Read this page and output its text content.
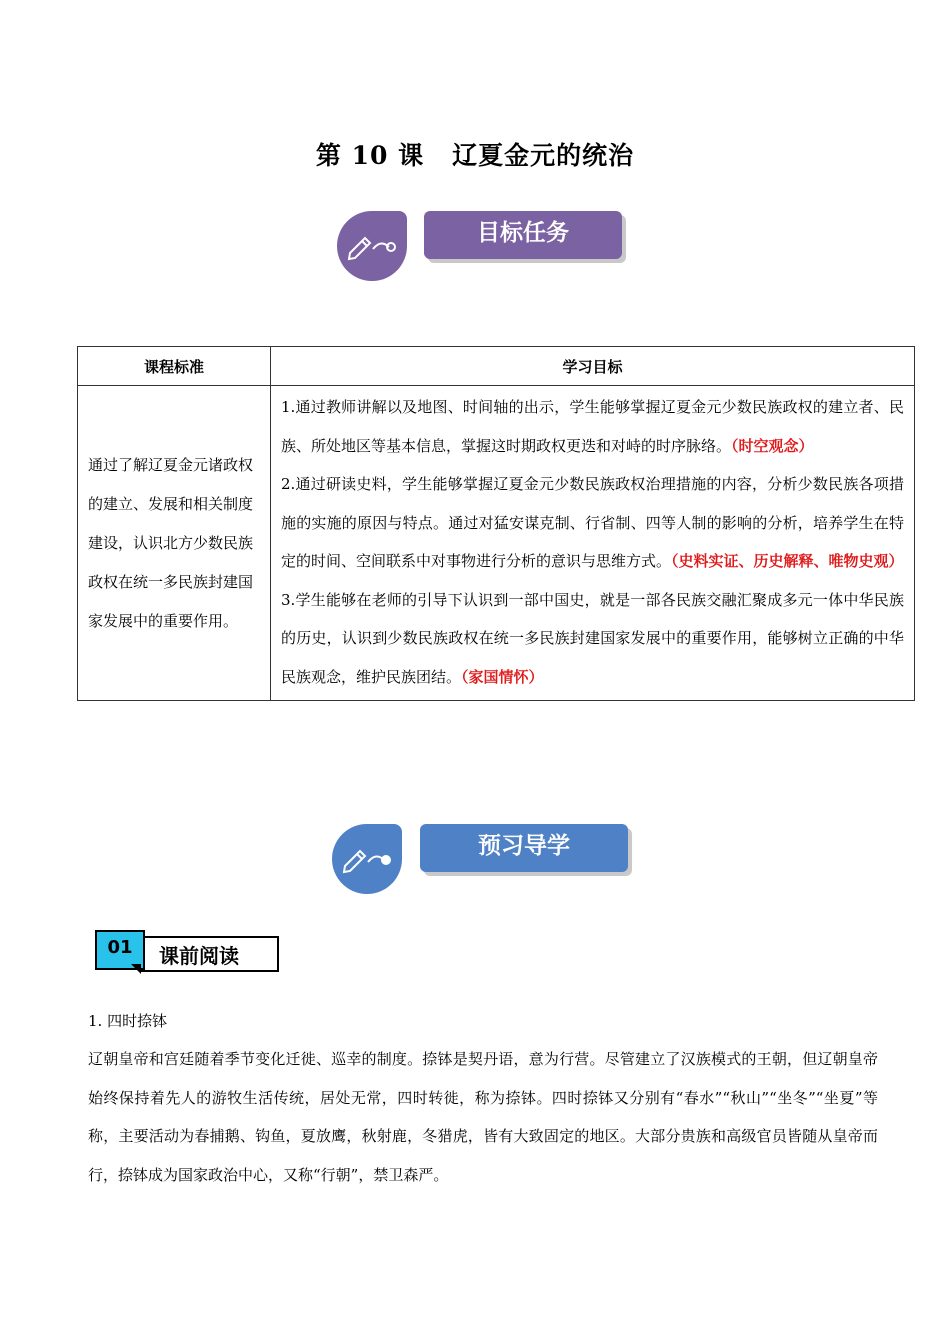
第 10 课 辽夏金元的统治
目标任务
课程标准	学习目标
通过了解辽夏金元诸政权的建立、发展和相关制度建设，认识北方少数民族政权在统一多民族封建国家发展中的重要作用。	1.通过教师讲解以及地图、时间轴的出示，学生能够掌握辽夏金元少数民族政权的建立者、民族、所处地区等基本信息，掌握这时期政权更迭和对峙的时序脉络。（时空观念）
2.通过研读史料，学生能够掌握辽夏金元少数民族政权治理措施的内容，分析少数民族各项措施的实施的原因与特点。通过对猛安谋克制、行省制、四等人制的影响的分析，培养学生在特定的时间、空间联系中对事物进行分析的意识与思维方式。（史料实证、历史解释、唯物史观）
3.学生能够在老师的引导下认识到一部中国史，就是一部各民族交融汇聚成多元一体中华民族的历史，认识到少数民族政权在统一多民族封建国家发展中的重要作用，能够树立正确的中华民族观念，维护民族团结。（家国情怀）
预习导学
课前阅读
01
1. 四时捺钵
辽朝皇帝和宫廷随着季节变化迁徙、巡幸的制度。捺钵是契丹语，意为行营。尽管建立了汉族模式的王朝，但辽朝皇帝始终保持着先人的游牧生活传统，居处无常，四时转徙，称为捺钵。四时捺钵又分别有“春水”“秋山”“坐冬”“坐夏”等称，主要活动为春捕鹅、钩鱼，夏放鹰，秋射鹿，冬猎虎，皆有大致固定的地区。大部分贵族和高级官员皆随从皇帝而行，捺钵成为国家政治中心，又称“行朝”，禁卫森严。
